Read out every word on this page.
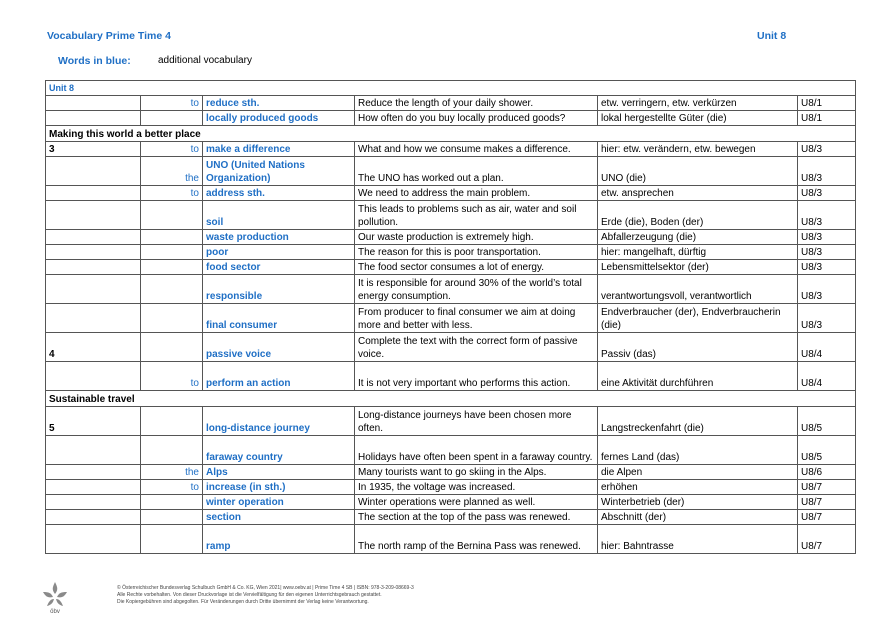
Vocabulary Prime Time 4	Unit 8
Words in blue:	additional vocabulary
Unit 8					
	to	reduce sth.	Reduce the length of your daily shower.	etw. verringern, etw. verkürzen	U8/1
		locally produced goods	How often do you buy locally produced goods?	lokal hergestellte Güter (die)	U8/1
Making this world a better place					
3	to	make a difference	What and how we consume makes a difference.	hier: etw. verändern, etw. bewegen	U8/3
	the	UNO (United Nations Organization)	The UNO has worked out a plan.	UNO (die)	U8/3
	to	address sth.	We need to address the main problem.	etw. ansprechen	U8/3
		soil	This leads to problems such as air, water and soil pollution.	Erde (die), Boden (der)	U8/3
		waste production	Our waste production is extremely high.	Abfallerzeugung (die)	U8/3
		poor	The reason for this is poor transportation.	hier: mangelhaft, dürftig	U8/3
		food sector	The food sector consumes a lot of energy.	Lebensmittelsektor (der)	U8/3
		responsible	It is responsible for around 30% of the world’s total energy consumption.	verantwortungsvoll, verantwortlich	U8/3
		final consumer	From producer to final consumer we aim at doing more and better with less.	Endverbraucher (der), Endverbraucherin (die)	U8/3
4		passive voice	Complete the text with the correct form of passive voice.	Passiv (das)	U8/4
	to	perform an action	It is not very important who performs this action.	eine Aktivität durchführen	U8/4
Sustainable travel					
5		long-distance journey	Long-distance journeys have been chosen more often.	Langstreckenfahrt (die)	U8/5
		faraway country	Holidays have often been spent in a faraway country.	fernes Land (das)	U8/5
	the	Alps	Many tourists want to go skiing in the Alps.	die Alpen	U8/6
	to	increase (in sth.)	In 1935, the voltage was increased.	erhöhen	U8/7
		winter operation	Winter operations were planned as well.	Winterbetrieb (der)	U8/7
		section	The section at the top of the pass was renewed.	Abschnitt (der)	U8/7
		ramp	The north ramp of the Bernina Pass was renewed.	hier: Bahntrasse	U8/7
öbv
© Österreichischer Bundesverlag Schulbuch GmbH & Co. KG, Wien 2021| www.oebv.at | Prime Time 4 SB | ISBN: 978-3-209-08669-3
Alle Rechte vorbehalten. Von dieser Druckvorlage ist die Vervielfältigung für den eigenen Unterrichtsgebrauch gestattet.
Die Kopiergebühren sind abgegolten. Für Veränderungen durch Dritte übernimmt der Verlag keine Verantwortung.
